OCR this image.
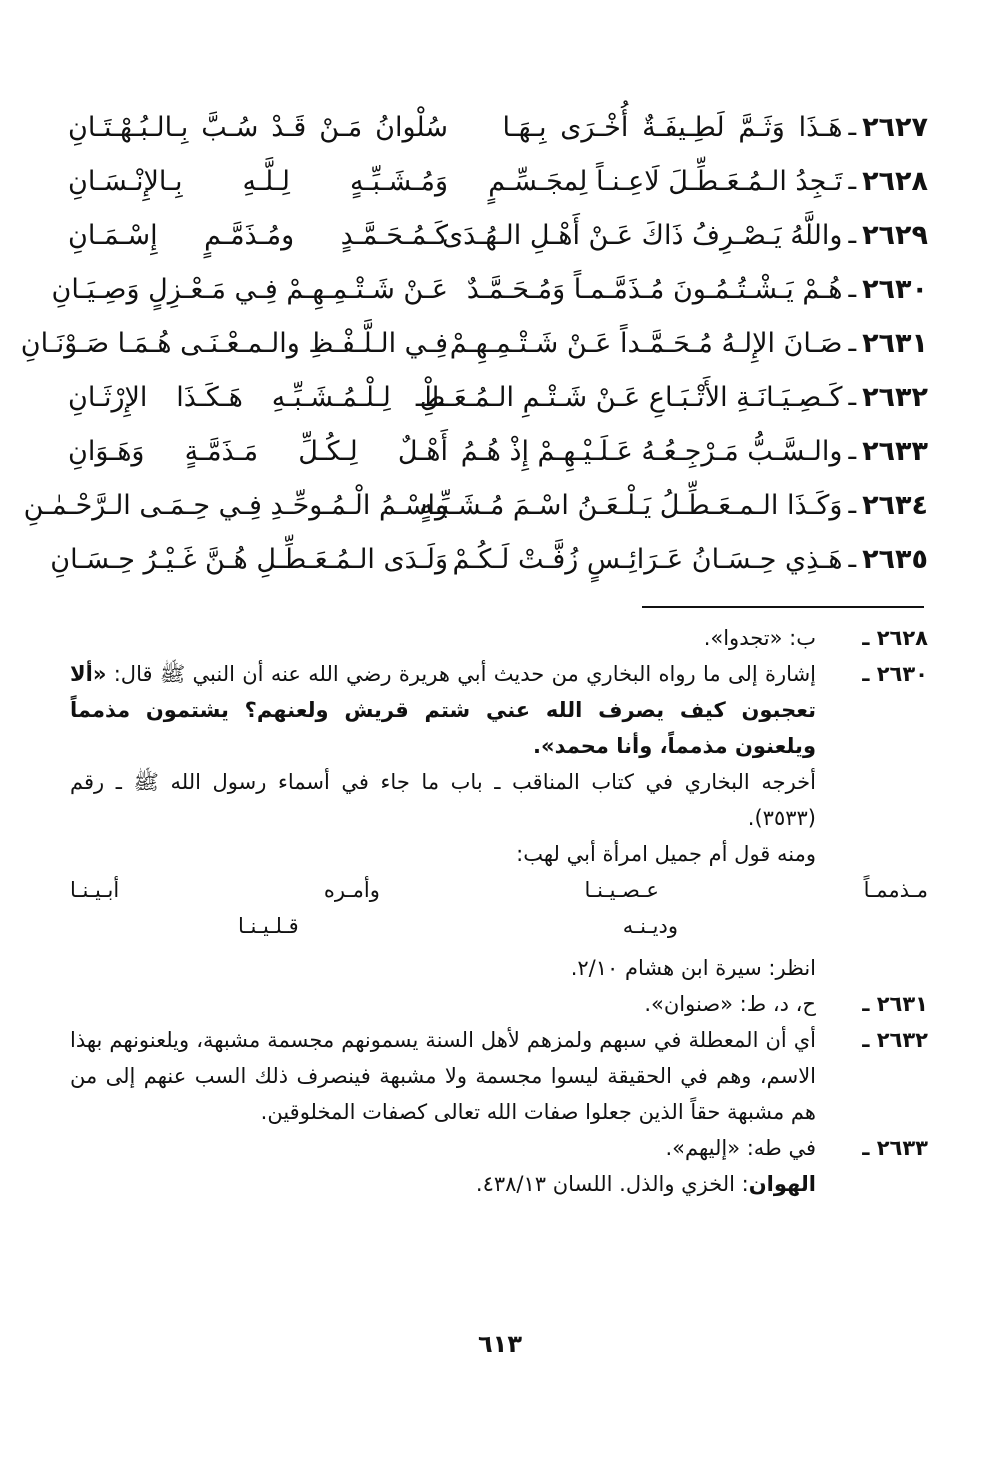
٢٦٢٧
ـ
هَـذَا وَثَـمَّ لَطِـيفَـةٌ أُخْـرَى بِـهَـا
سُلْوانُ مَـنْ قَـدْ سُـبَّ بِـالـبُـهْـتَـانِ
٢٦٢٨
ـ
تَـجِدُ الـمُـعَـطِّـلَ لَاعِـنـاً لِمجَـسِّـمٍ
وَمُـشَـبِّـهٍ لِـلَّـهِ بِـالإِنْـسَـانِ
٢٦٢٩
ـ
واللَّهُ يَـصْـرِفُ ذَاكَ عَـنْ أَهْـلِ الـهُـدَى
كَـمُـحَـمَّـدٍ ومُـذَمَّـمٍ إِسْـمَـانِ
٢٦٣٠
ـ
هُـمْ يَـشْـتُـمُـونَ مُـذَمَّـمـاً وَمُـحَـمَّـدٌ
عَـنْ شَـتْـمِـهِـمْ فِـي مَـعْـزِلٍ وَصِـيَـانِ
٢٦٣١
ـ
صَـانَ الإِلـهُ مُـحَـمَّـداً عَـنْ شَـتْـمِـهِـمْ
فِـي الـلَّـفْـظِ والـمـعْـنَـى هُـمَـا صَـوْنَـانِ
٢٦٣٢
ـ
كَـصِـيَـانَـةِ الأَتْـبَـاعِ عَـنْ شَـتْـمِ الـمُـعَـطْـ
ـلِ لِـلْـمُـشَـبِّـهِ هَـكَـذَا الإِرْثَـانِ
٢٦٣٣
ـ
والـسَّـبُّ مَـرْجِـعُـهُ عَـلَـيْـهِـمْ إِذْ هُـمُ
أَهْـلٌ لِـكُـلِّ مَـذَمَّـةٍ وَهَـوَانِ
٢٦٣٤
ـ
وَكَـذَا الـمـعَـطِّـلُ يَـلْـعَـنُ اسْـمَ مُـشَـبِّـهٍ
واسْـمُ الْـمُـوحِّـدِ فِـي حِـمَـى الـرَّحْـمٰـنِ
٢٦٣٥
ـ
هَـذِي حِـسَـانُ عَـرَائِـسٍ زُفَّـتْ لَـكُـمْ
وَلَـدَى الـمُـعَـطِّـلِ هُـنَّ غَـيْـرُ حِـسَـانِ
٢٦٢٨ ـ
ب: «تجدوا».
٢٦٣٠ ـ
إشارة إلى ما رواه البخاري من حديث أبي هريرة رضي الله عنه أن النبي ﷺ قال: «ألا تعجبون كيف يصرف الله عني شتم قريش ولعنهم؟ يشتمون مذمماً ويلعنون مذمماً، وأنا محمد».
أخرجه البخاري في كتاب المناقب ـ باب ما جاء في أسماء رسول الله ﷺ ـ رقم (٣٥٣٣).
ومنه قول أم جميل امرأة أبي لهب:
مـذممـاً عـصـيـنـا وأمـره أبـيـنـا
وديـنـه قـلـيـنـا
انظر: سيرة ابن هشام ٢/١٠.
٢٦٣١ ـ
ح، د، ط: «صنوان».
٢٦٣٢ ـ
أي أن المعطلة في سبهم ولمزهم لأهل السنة يسمونهم مجسمة مشبهة، ويلعنونهم بهذا الاسم، وهم في الحقيقة ليسوا مجسمة ولا مشبهة فينصرف ذلك السب عنهم إلى من هم مشبهة حقاً الذين جعلوا صفات الله تعالى كصفات المخلوقين.
٢٦٣٣ ـ
في طه: «إليهم».
الهوان: الخزي والذل. اللسان ٤٣٨/١٣.
٦١٣
